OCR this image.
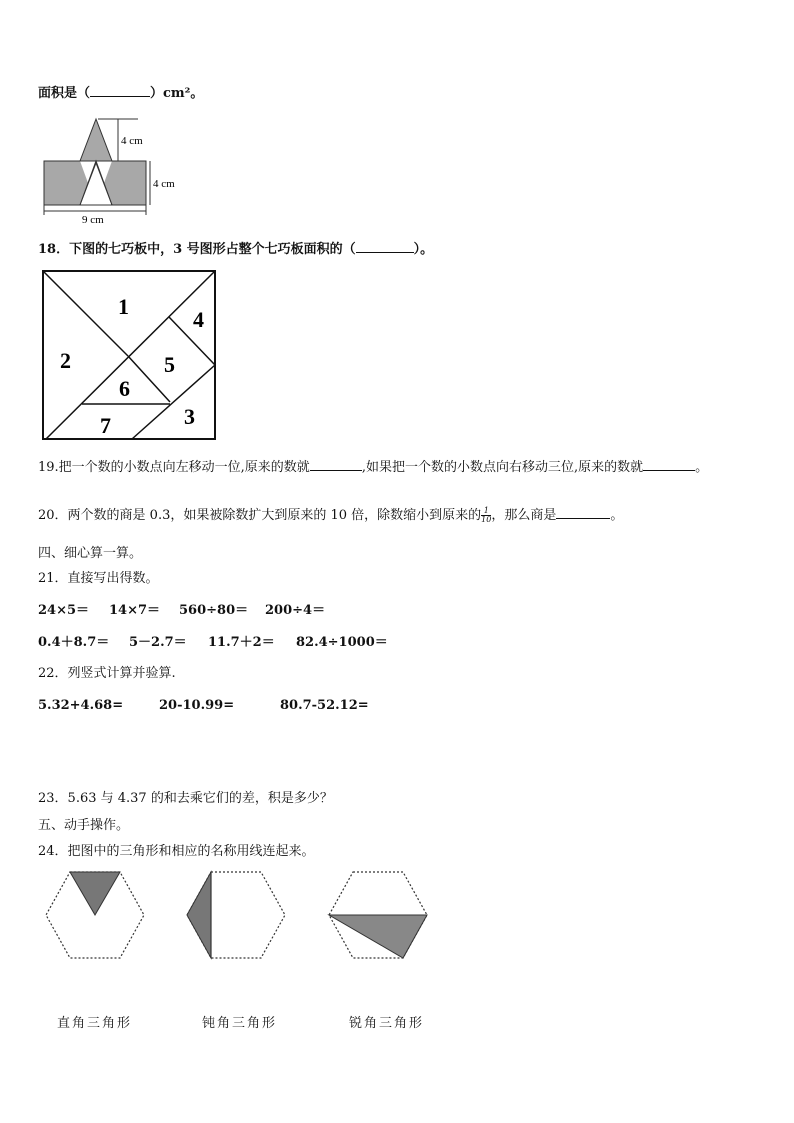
面积是（	）cm²。
4 cm
4 cm
9 cm
18．下图的七巧板中，3 号图形占整个七巧板面积的（	）。
1
2
3
4
5
6
7
19.把一个数的小数点向左移动一位,原来的数就	,如果把一个数的小数点向右移动三位,原来的数就	。
20．两个数的商是 0.3，如果被除数扩大到原来的 10 倍，除数缩小到原来的 $\frac{1}{10}$ ，那么商是	。
四、细心算一算。
21．直接写出得数。
24×5＝ 14×7＝ 560÷80＝ 200÷4＝
0.4＋8.7＝ 5－2.7＝ 11.7＋2＝ 82.4÷1000＝
22．列竖式计算并验算.
5.32+4.68=	20-10.99=	80.7-52.12=
23．5.63 与 4.37 的和去乘它们的差，积是多少？
五、动手操作。
24．把图中的三角形和相应的名称用线连起来。
直角三角形	钝角三角形	锐角三角形
